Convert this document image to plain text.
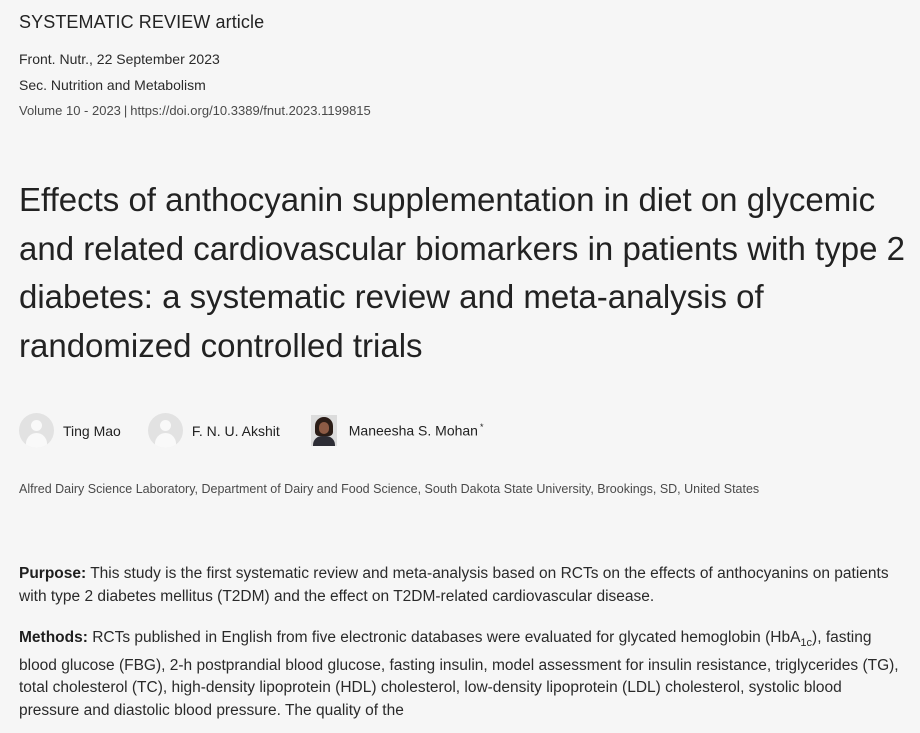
SYSTEMATIC REVIEW article
Front. Nutr., 22 September 2023
Sec. Nutrition and Metabolism
Volume 10 - 2023 | https://doi.org/10.3389/fnut.2023.1199815
Effects of anthocyanin supplementation in diet on glycemic and related cardiovascular biomarkers in patients with type 2 diabetes: a systematic review and meta-analysis of randomized controlled trials
Ting Mao	F. N. U. Akshit	Maneesha S. Mohan *
Alfred Dairy Science Laboratory, Department of Dairy and Food Science, South Dakota State University, Brookings, SD, United States

Purpose: This study is the first systematic review and meta-analysis based on RCTs on the effects of anthocyanins on patients with type 2 diabetes mellitus (T2DM) and the effect on T2DM-related cardiovascular disease.

Methods: RCTs published in English from five electronic databases were evaluated for glycated hemoglobin (HbA$_{1c}$), fasting blood glucose (FBG), 2-h postprandial blood glucose, fasting insulin, model assessment for insulin resistance, triglycerides (TG), total cholesterol (TC), high-density lipoprotein (HDL) cholesterol, low-density lipoprotein (LDL) cholesterol, systolic blood pressure and diastolic blood pressure. The quality of the
